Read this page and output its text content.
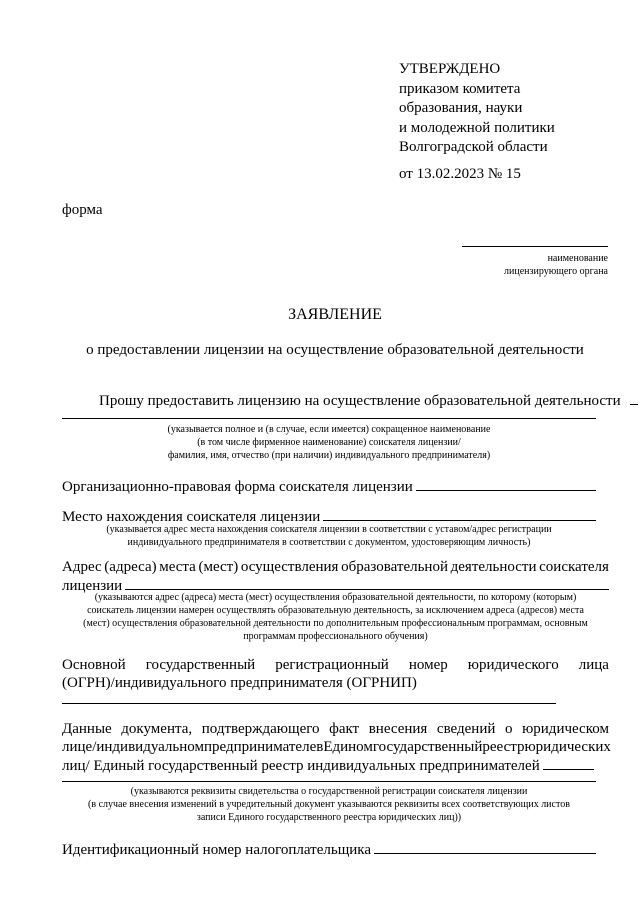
УТВЕРЖДЕНО
приказом комитета
образования, науки
и молодежной политики
Волгоградской области
от 13.02.2023 № 15
форма
наименование
лицензирующего органа
ЗАЯВЛЕНИЕ
о предоставлении лицензии на осуществление образовательной деятельности
Прошу предоставить лицензию на осуществление образовательной деятельности
(указывается полное и (в случае, если имеется) сокращенное наименование
(в том числе фирменное наименование) соискателя лицензии/
фамилия, имя, отчество (при наличии) индивидуального предпринимателя)
Организационно-правовая форма соискателя лицензии
Место нахождения соискателя лицензии
(указывается адрес места нахождения соискателя лицензии в соответствии с уставом/адрес регистрации
индивидуального предпринимателя в соответствии с документом, удостоверяющим личность)
Адрес (адреса) места (мест) осуществления образовательной деятельности соискателя
лицензии
(указываются адрес (адреса) места (мест) осуществления образовательной деятельности, по которому (которым)
соискатель лицензии намерен осуществлять образовательную деятельность, за исключением адреса (адресов) места
(мест) осуществления образовательной деятельности по дополнительным профессиональным программам, основным
программам профессионального обучения)
Основной государственный регистрационный номер юридического лица
(ОГРН)/индивидуального предпринимателя (ОГРНИП)
Данные документа, подтверждающего факт внесения сведений о юридическом
лице/индивидуальном предпринимателе в Едином государственный реестр юридических
лиц/ Единый государственный реестр индивидуальных предпринимателей
(указываются реквизиты свидетельства о государственной регистрации соискателя лицензии
(в случае внесения изменений в учредительный документ указываются реквизиты всех соответствующих листов
записи Единого государственного реестра юридических лиц))
Идентификационный номер налогоплательщика
